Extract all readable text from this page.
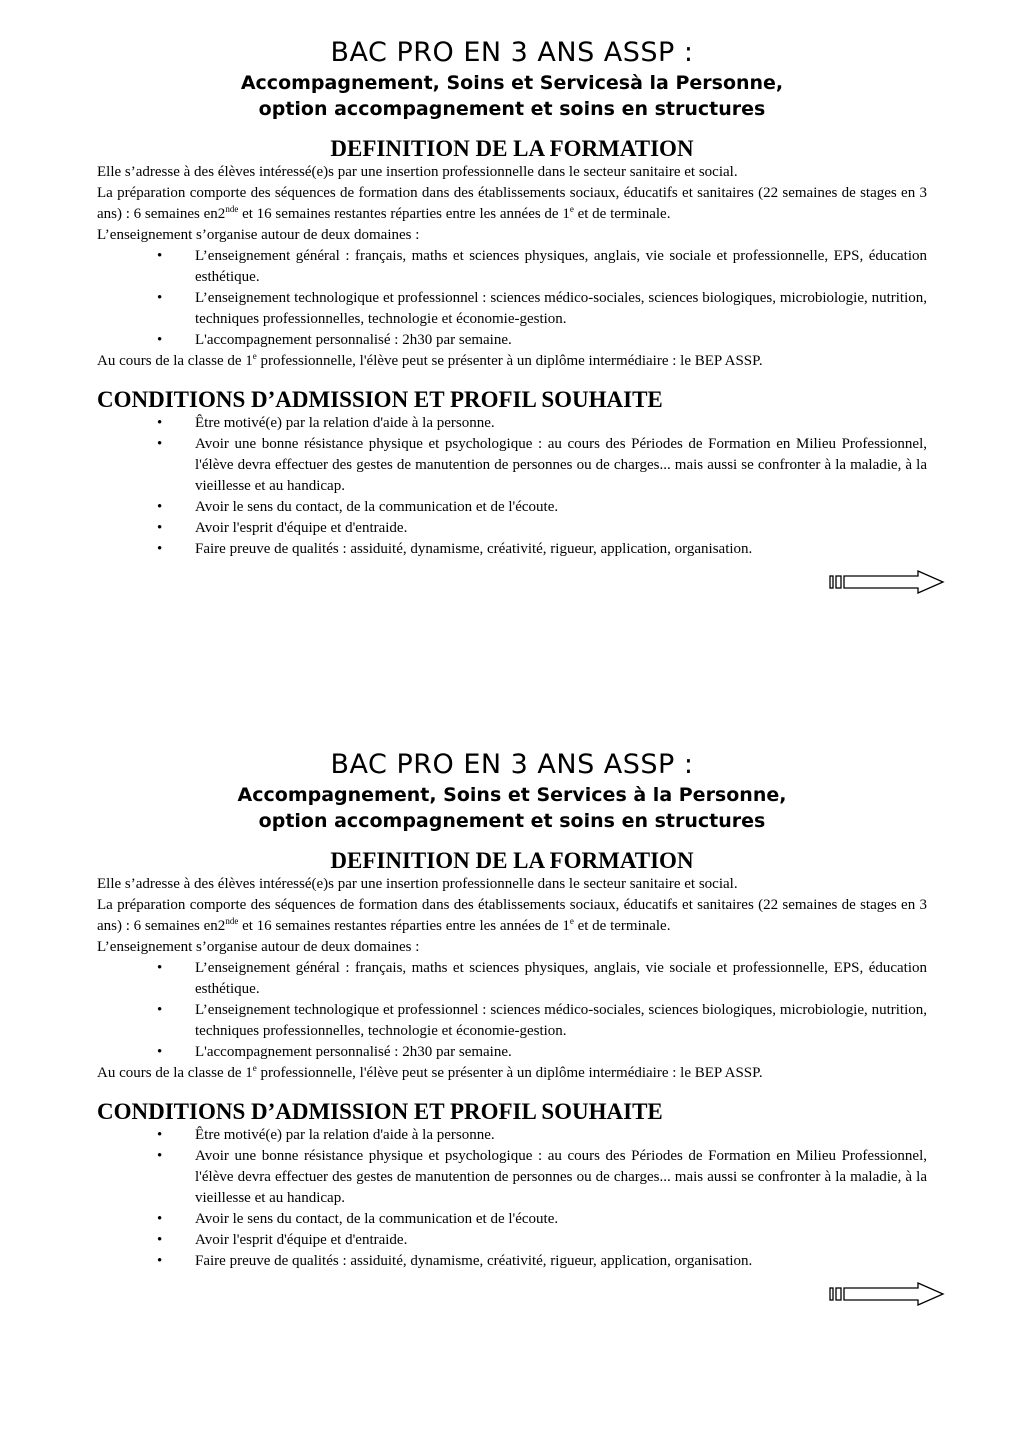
BAC PRO EN 3 ANS ASSP :

Accompagnement, Soins et Servicesà la Personne,

option accompagnement et soins en structures

DEFINITION DE LA FORMATION

Elle s’adresse à des élèves intéressé(e)s par une insertion professionnelle dans le secteur sanitaire et social.

La préparation comporte des séquences de formation dans des établissements sociaux, éducatifs et sanitaires (22 semaines de stages en 3 ans) : 6 semaines en2nde et 16 semaines restantes réparties entre les années de 1e et de terminale.

L’enseignement s’organise autour de deux domaines :

• L’enseignement général : français, maths et sciences physiques, anglais, vie sociale et professionnelle, EPS, éducation esthétique.
• L’enseignement technologique et professionnel : sciences médico-sociales, sciences biologiques, microbiologie, nutrition, techniques professionnelles, technologie et économie-gestion.
• L'accompagnement personnalisé : 2h30 par semaine.

Au cours de la classe de 1e professionnelle, l'élève peut se présenter à un diplôme intermédiaire : le BEP ASSP.

CONDITIONS D’ADMISSION ET PROFIL SOUHAITE
• Être motivé(e) par la relation d'aide à la personne.
• Avoir une bonne résistance physique et psychologique : au cours des Périodes de Formation en Milieu Professionnel, l'élève devra effectuer des gestes de manutention de personnes ou de charges... mais aussi se confronter à la maladie, à la vieillesse et au handicap.
• Avoir le sens du contact, de la communication et de l'écoute.
• Avoir l'esprit d'équipe et d'entraide.
• Faire preuve de qualités : assiduité, dynamisme, créativité, rigueur, application, organisation.
BAC PRO EN 3 ANS ASSP :

Accompagnement, Soins et Services à la Personne,

option accompagnement et soins en structures

DEFINITION DE LA FORMATION

Elle s’adresse à des élèves intéressé(e)s par une insertion professionnelle dans le secteur sanitaire et social.

La préparation comporte des séquences de formation dans des établissements sociaux, éducatifs et sanitaires (22 semaines de stages en 3 ans) : 6 semaines en2nde et 16 semaines restantes réparties entre les années de 1e et de terminale.

L’enseignement s’organise autour de deux domaines :

• L’enseignement général : français, maths et sciences physiques, anglais, vie sociale et professionnelle, EPS, éducation esthétique.
• L’enseignement technologique et professionnel : sciences médico-sociales, sciences biologiques, microbiologie, nutrition, techniques professionnelles, technologie et économie-gestion.
• L'accompagnement personnalisé : 2h30 par semaine.

Au cours de la classe de 1e professionnelle, l'élève peut se présenter à un diplôme intermédiaire : le BEP ASSP.

CONDITIONS D’ADMISSION ET PROFIL SOUHAITE
• Être motivé(e) par la relation d'aide à la personne.
• Avoir une bonne résistance physique et psychologique : au cours des Périodes de Formation en Milieu Professionnel, l'élève devra effectuer des gestes de manutention de personnes ou de charges... mais aussi se confronter à la maladie, à la vieillesse et au handicap.
• Avoir le sens du contact, de la communication et de l'écoute.
• Avoir l'esprit d'équipe et d'entraide.
• Faire preuve de qualités : assiduité, dynamisme, créativité, rigueur, application, organisation.
